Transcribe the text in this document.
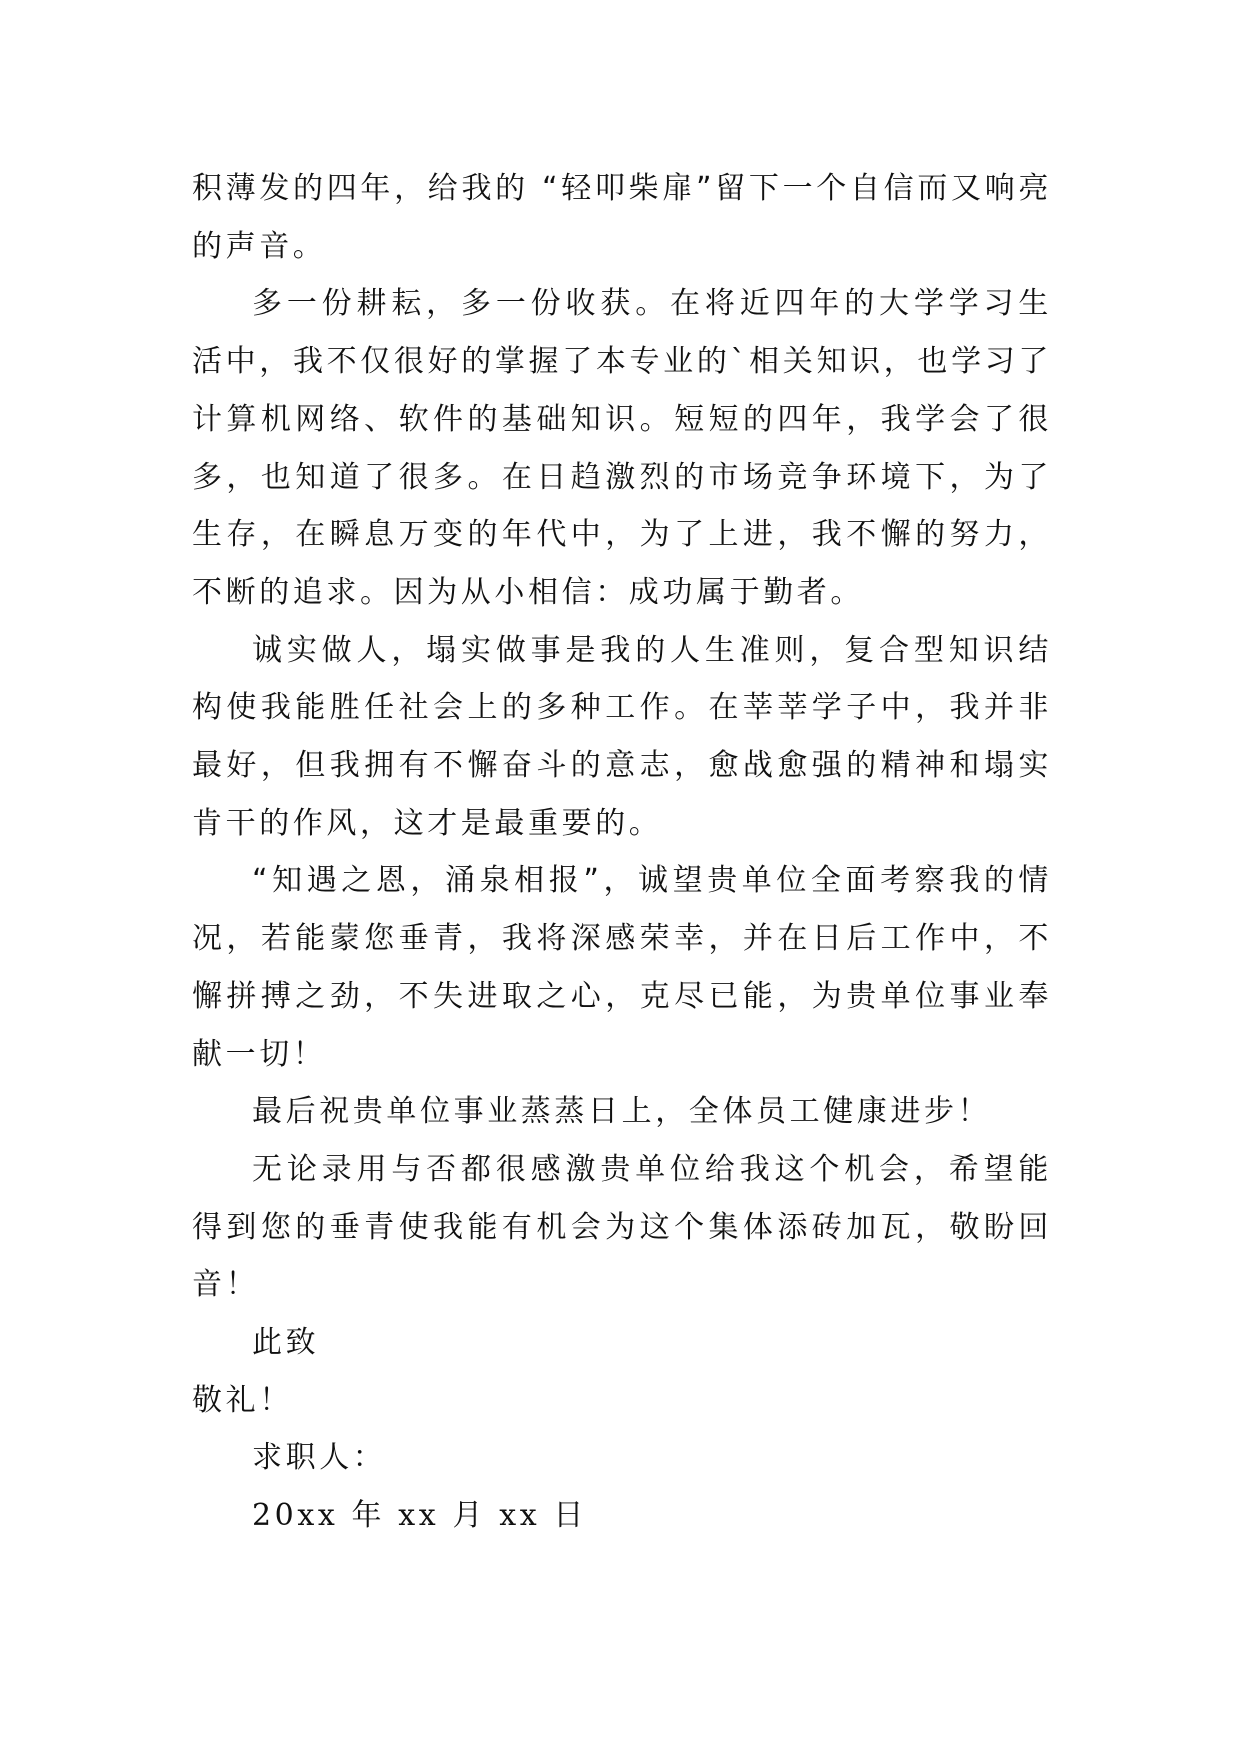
积薄发的四年，给我的 “轻叩柴扉”留下一个自信而又响亮的声音。

多一份耕耘，多一份收获。在将近四年的大学学习生活中，我不仅很好的掌握了本专业的`相关知识，也学习了计算机网络、软件的基础知识。短短的四年，我学会了很多，也知道了很多。在日趋激烈的市场竞争环境下，为了生存，在瞬息万变的年代中，为了上进，我不懈的努力，不断的追求。因为从小相信：成功属于勤者。

诚实做人，塌实做事是我的人生准则，复合型知识结构使我能胜任社会上的多种工作。在莘莘学子中，我并非最好，但我拥有不懈奋斗的意志，愈战愈强的精神和塌实肯干的作风，这才是最重要的。

“知遇之恩，涌泉相报”，诚望贵单位全面考察我的情况，若能蒙您垂青，我将深感荣幸，并在日后工作中，不懈拼搏之劲，不失进取之心，克尽已能，为贵单位事业奉献一切！

最后祝贵单位事业蒸蒸日上，全体员工健康进步！

无论录用与否都很感激贵单位给我这个机会，希望能得到您的垂青使我能有机会为这个集体添砖加瓦，敬盼回音！

此致

敬礼！

求职人：

20xx 年 xx 月 xx 日
